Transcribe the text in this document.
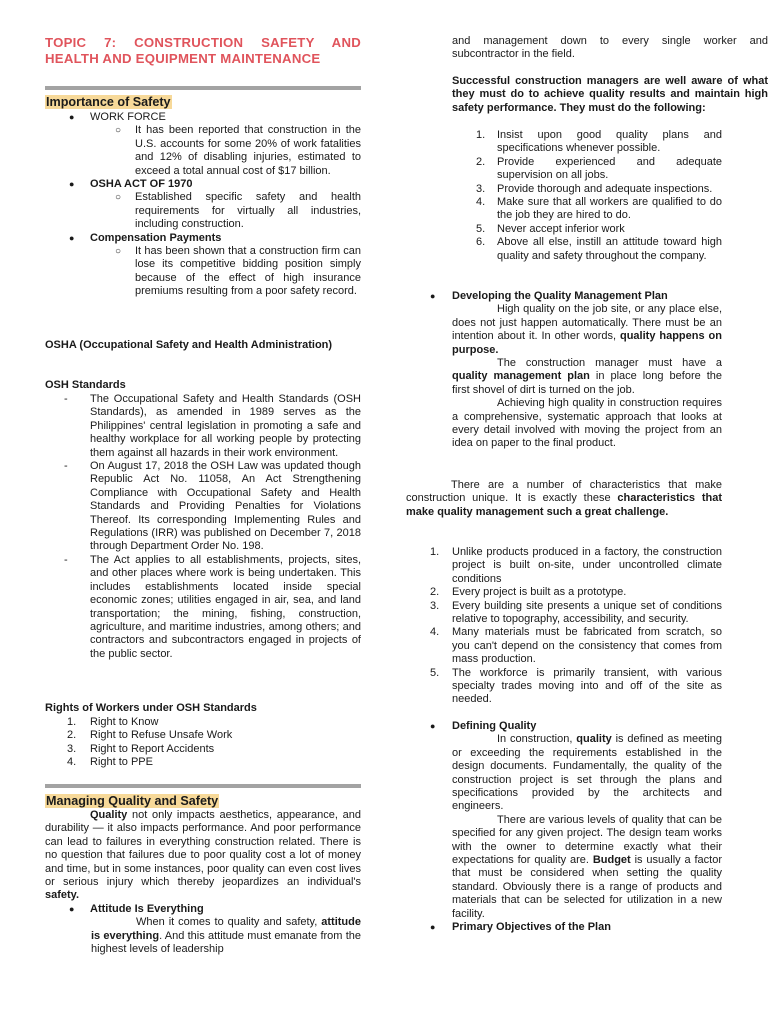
TOPIC 7: CONSTRUCTION SAFETY AND HEALTH AND EQUIPMENT MAINTENANCE
Importance of Safety
● WORK FORCE

○ It has been reported that construction in the U.S. accounts for some 20% of work fatalities and 12% of disabling injuries, estimated to exceed a total annual cost of $17 billion.

● OSHA ACT OF 1970

○ Established specific safety and health requirements for virtually all industries, including construction.

● Compensation Payments

○ It has been shown that a construction firm can lose its competitive bidding position simply because of the effect of high insurance premiums resulting from a poor safety record.

OSHA (Occupational Safety and Health Administration)
OSH Standards
- The Occupational Safety and Health Standards (OSH Standards), as amended in 1989 serves as the Philippines' central legislation in promoting a safe and healthy workplace for all working people by protecting them against all hazards in their work environment.

- On August 17, 2018 the OSH Law was updated though Republic Act No. 11058, An Act Strengthening Compliance with Occupational Safety and Health Standards and Providing Penalties for Violations Thereof. Its corresponding Implementing Rules and Regulations (IRR) was published on December 7, 2018 through Department Order No. 198.

- The Act applies to all establishments, projects, sites, and other places where work is being undertaken. This includes establishments located inside special economic zones; utilities engaged in air, sea, and land transportation; the mining, fishing, construction, agriculture, and maritime industries, among others; and contractors and subcontractors engaged in projects of the public sector.

Rights of Workers under OSH Standards
1. Right to Know

2. Right to Refuse Unsafe Work

3. Right to Report Accidents

4. Right to PPE

Managing Quality and Safety

Quality not only impacts aesthetics, appearance, and durability — it also impacts performance. And poor performance can lead to failures in everything construction related. There is no question that failures due to poor quality cost a lot of money and time, but in some instances, poor quality can even cost lives or serious injury which thereby jeopardizes an individual's safety.

● Attitude Is Everything

When it comes to quality and safety, attitude is everything. And this attitude must emanate from the highest levels of leadership

and management down to every single worker and subcontractor in the field.
Successful construction managers are well aware of what they must do to achieve quality results and maintain high safety performance. They must do the following:
1. Insist upon good quality plans and specifications whenever possible.

2. Provide experienced and adequate supervision on all jobs.

3. Provide thorough and adequate inspections.

4. Make sure that all workers are qualified to do the job they are hired to do.

5. Never accept inferior work

6. Above all else, instill an attitude toward high quality and safety throughout the company.

● Developing the Quality Management Plan

High quality on the job site, or any place else, does not just happen automatically. There must be an intention about it. In other words, quality happens on purpose.

The construction manager must have a quality management plan in place long before the first shovel of dirt is turned on the job.

Achieving high quality in construction requires a comprehensive, systematic approach that looks at every detail involved with moving the project from an idea on paper to the final product.

There are a number of characteristics that make construction unique. It is exactly these characteristics that make quality management such a great challenge.
1. Unlike products produced in a factory, the construction project is built on-site, under uncontrolled climate conditions

2. Every project is built as a prototype.

3. Every building site presents a unique set of conditions relative to topography, accessibility, and security.

4. Many materials must be fabricated from scratch, so you can't depend on the consistency that comes from mass production.

5. The workforce is primarily transient, with various specialty trades moving into and off of the site as needed.

● Defining Quality

In construction, quality is defined as meeting or exceeding the requirements established in the design documents. Fundamentally, the quality of the construction project is set through the plans and specifications provided by the architects and engineers.

There are various levels of quality that can be specified for any given project. The design team works with the owner to determine exactly what their expectations for quality are. Budget is usually a factor that must be considered when setting the quality standard. Obviously there is a range of products and materials that can be selected for utilization in a new facility.

● Primary Objectives of the Plan
